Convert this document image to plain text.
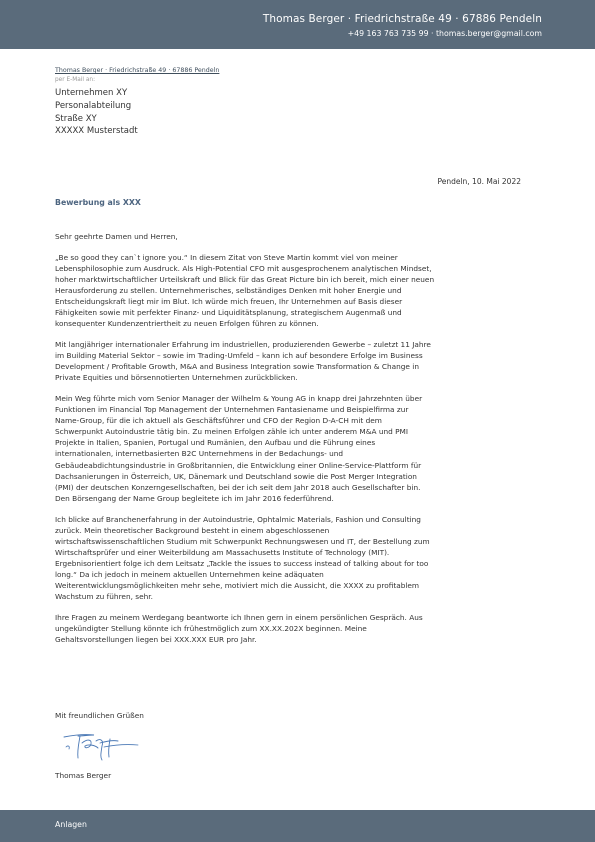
Thomas Berger · Friedrichstraße 49 · 67886 Pendeln
+49 163 763 735 99 · thomas.berger@gmail.com
Thomas Berger · Friedrichstraße 49 · 67886 Pendeln
per E-Mail an:
Unternehmen XY
Personalabteilung
Straße XY
XXXXX Musterstadt
Pendeln, 10. Mai 2022
Bewerbung als XXX

Sehr geehrte Damen und Herren,

„Be so good they can`t ignore you.“ In diesem Zitat von Steve Martin kommt viel von meiner

Lebensphilosophie zum Ausdruck. Als High-Potential CFO mit ausgesprochenem analytischen Mindset,

hoher marktwirtschaftlicher Urteilskraft und Blick für das Great Picture bin ich bereit, mich einer neuen

Herausforderung zu stellen. Unternehmerisches, selbständiges Denken mit hoher Energie und

Entscheidungskraft liegt mir im Blut. Ich würde mich freuen, Ihr Unternehmen auf Basis dieser

Fähigkeiten sowie mit perfekter Finanz- und Liquiditätsplanung, strategischem Augenmaß und

konsequenter Kundenzentriertheit zu neuen Erfolgen führen zu können.

Mit langjähriger internationaler Erfahrung im industriellen, produzierenden Gewerbe – zuletzt 11 Jahre

im Building Material Sektor – sowie im Trading-Umfeld – kann ich auf besondere Erfolge im Business

Development / Profitable Growth, M&A and Business Integration sowie Transformation & Change in

Private Equities und börsennotierten Unternehmen zurückblicken.

Mein Weg führte mich vom Senior Manager der Wilhelm & Young AG in knapp drei Jahrzehnten über

Funktionen im Financial Top Management der Unternehmen Fantasiename und Beispielfirma zur

Name-Group, für die ich aktuell als Geschäftsführer und CFO der Region D-A-CH mit dem

Schwerpunkt Autoindustrie tätig bin. Zu meinen Erfolgen zähle ich unter anderem M&A und PMI

Projekte in Italien, Spanien, Portugal und Rumänien, den Aufbau und die Führung eines

internationalen, internetbasierten B2C Unternehmens in der Bedachungs- und

Gebäudeabdichtungsindustrie in Großbritannien, die Entwicklung einer Online-Service-Plattform für

Dachsanierungen in Österreich, UK, Dänemark und Deutschland sowie die Post Merger Integration

(PMI) der deutschen Konzerngesellschaften, bei der ich seit dem Jahr 2018 auch Gesellschafter bin.

Den Börsengang der Name Group begleitete ich im Jahr 2016 federführend.

Ich blicke auf Branchenerfahrung in der Autoindustrie, Ophtalmic Materials, Fashion und Consulting

zurück. Mein theoretischer Background besteht in einem abgeschlossenen

wirtschaftswissenschaftlichen Studium mit Schwerpunkt Rechnungswesen und IT, der Bestellung zum

Wirtschaftsprüfer und einer Weiterbildung am Massachusetts Institute of Technology (MIT).

Ergebnisorientiert folge ich dem Leitsatz „Tackle the issues to success instead of talking about for too

long.“ Da ich jedoch in meinem aktuellen Unternehmen keine adäquaten

Weiterentwicklungsmöglichkeiten mehr sehe, motiviert mich die Aussicht, die XXXX zu profitablem

Wachstum zu führen, sehr.

Ihre Fragen zu meinem Werdegang beantworte ich Ihnen gern in einem persönlichen Gespräch. Aus

ungekündigter Stellung könnte ich frühestmöglich zum XX.XX.202X beginnen. Meine

Gehaltsvorstellungen liegen bei XXX.XXX EUR pro Jahr.

Mit freundlichen Grüßen
Thomas Berger
Anlagen
